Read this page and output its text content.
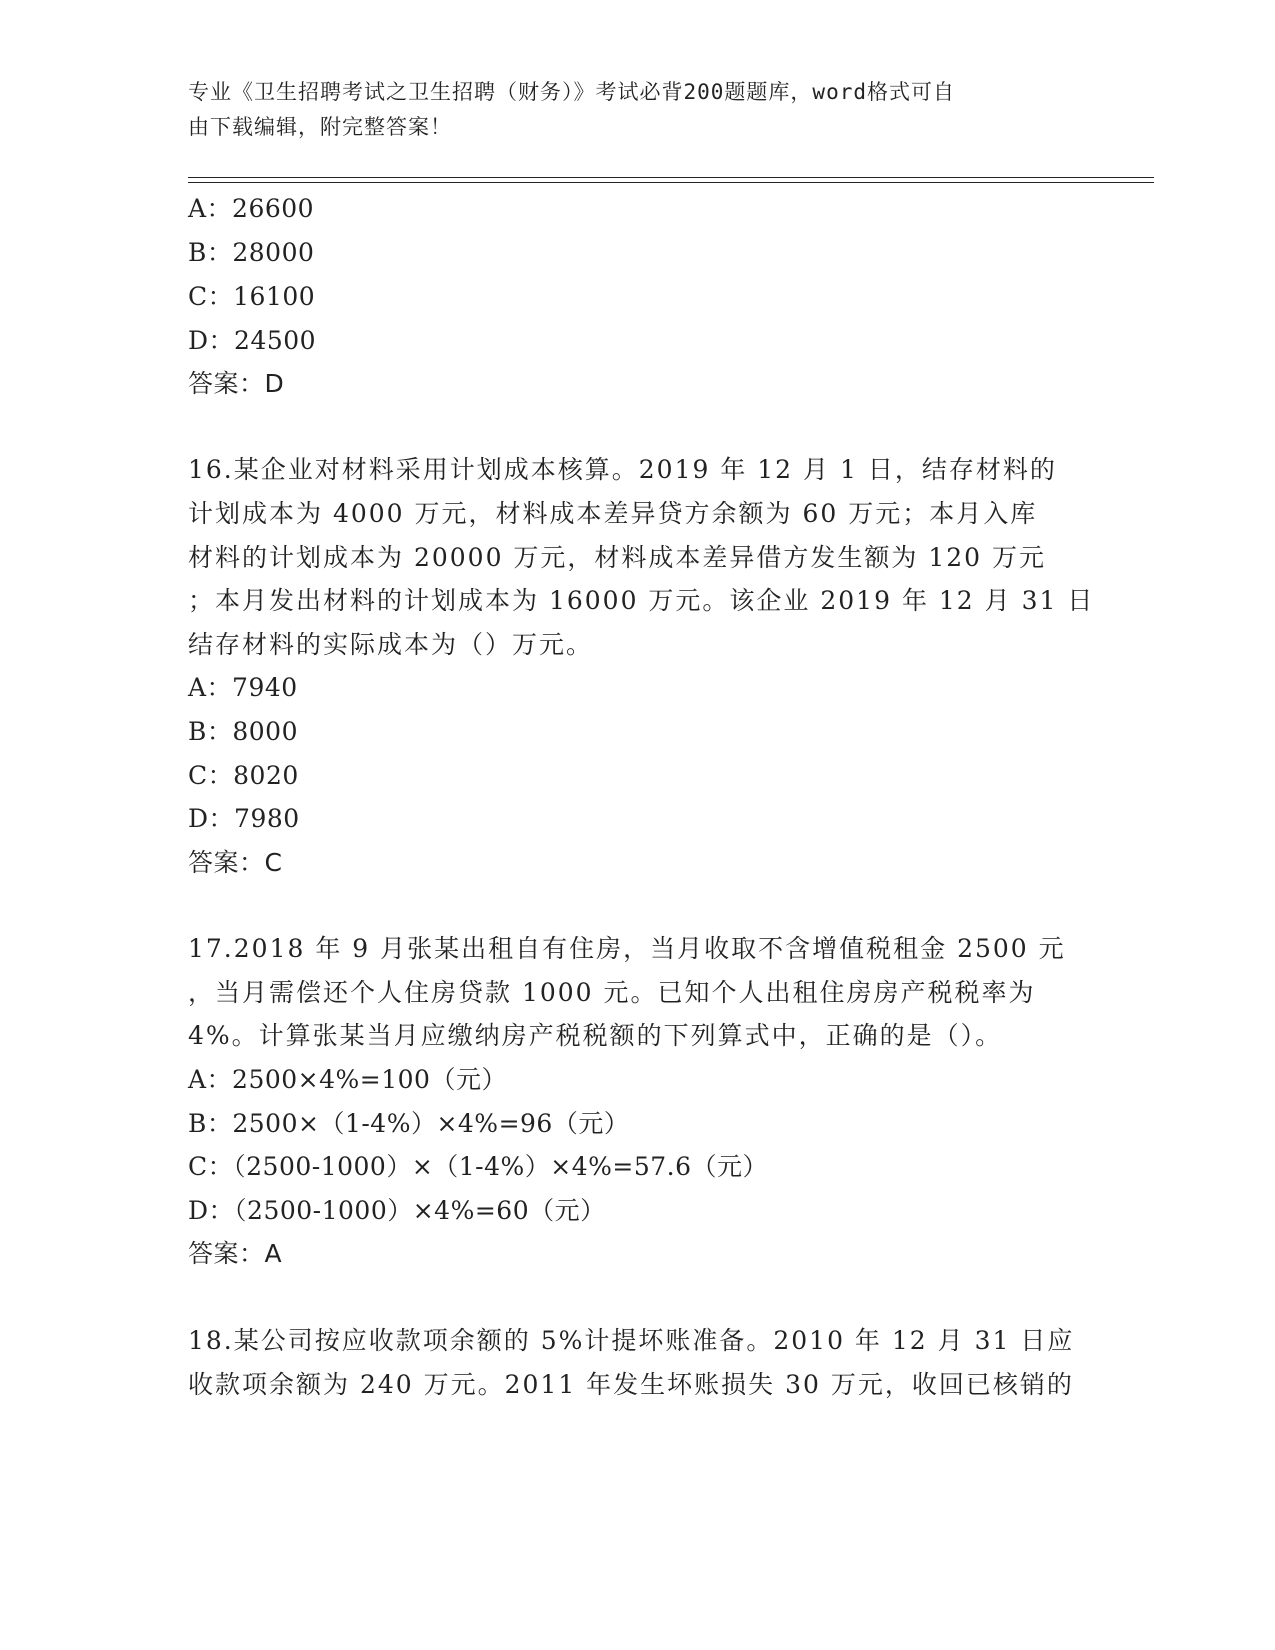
专业《卫生招聘考试之卫生招聘（财务）》考试必背200题题库，word格式可自
由下载编辑，附完整答案！
A：26600
B：28000
C：16100
D：24500
答案：D
16.某企业对材料采用计划成本核算。2019 年 12 月 1 日，结存材料的
计划成本为 4000 万元，材料成本差异贷方余额为 60 万元；本月入库
材料的计划成本为 20000 万元，材料成本差异借方发生额为 120 万元
；本月发出材料的计划成本为 16000 万元。该企业 2019 年 12 月 31 日
结存材料的实际成本为（）万元。
A：7940
B：8000
C：8020
D：7980
答案：C
17.2018 年 9 月张某出租自有住房，当月收取不含增值税租金 2500 元
，当月需偿还个人住房贷款 1000 元。已知个人出租住房房产税税率为
4%。计算张某当月应缴纳房产税税额的下列算式中，正确的是（）。
A：2500×4%=100（元）
B：2500×（1-4%）×4%=96（元）
C：（2500-1000）×（1-4%）×4%=57.6（元）
D：（2500-1000）×4%=60（元）
答案：A
18.某公司按应收款项余额的 5%计提坏账准备。2010 年 12 月 31 日应
收款项余额为 240 万元。2011 年发生坏账损失 30 万元，收回已核销的
